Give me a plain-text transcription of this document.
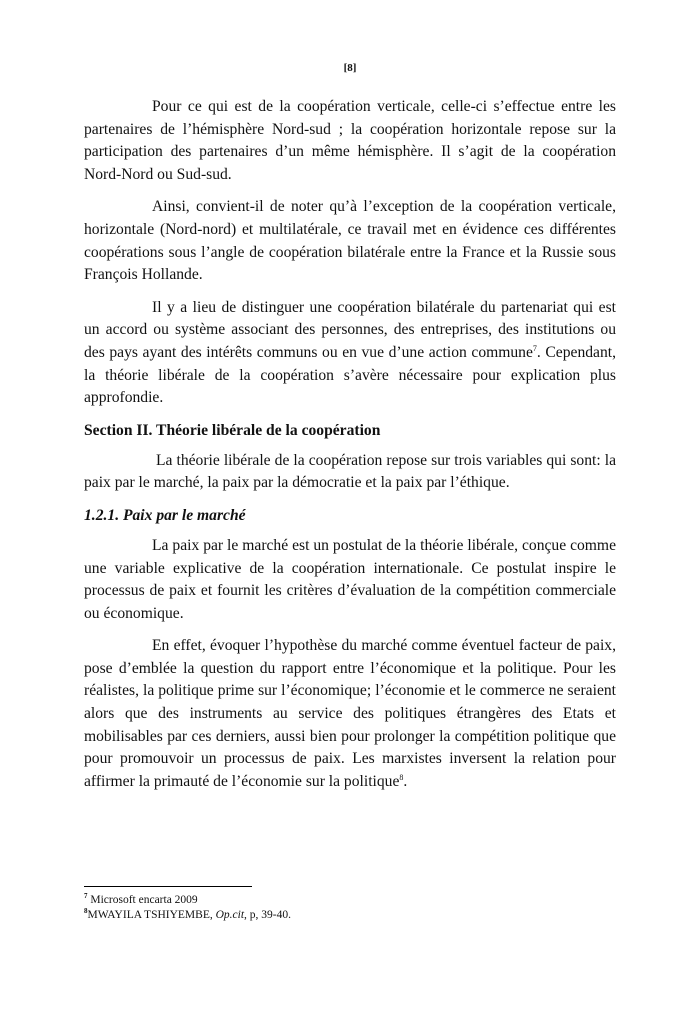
[8]

Pour ce qui est de la coopération verticale, celle-ci s’effectue entre les partenaires de l’hémisphère Nord-sud ; la coopération horizontale repose sur la participation des partenaires d’un même hémisphère. Il s’agit de la coopération Nord-Nord ou Sud-sud.

Ainsi, convient-il de noter qu’à l’exception de la coopération verticale, horizontale (Nord-nord) et multilatérale, ce travail met en évidence ces différentes coopérations sous l’angle de coopération bilatérale entre la France et la Russie sous François Hollande.

Il y a lieu de distinguer une coopération bilatérale du partenariat qui est un accord ou système associant des personnes, des entreprises, des institutions ou des pays ayant des intérêts communs ou en vue d’une action commune$^7$. Cependant, la théorie libérale de la coopération s’avère nécessaire pour explication plus approfondie.

Section II. Théorie libérale de la coopération

La théorie libérale de la coopération repose sur trois variables qui sont: la paix par le marché, la paix par la démocratie et la paix par l’éthique.

1.2.1. Paix par le marché

La paix par le marché est un postulat de la théorie libérale, conçue comme une variable explicative de la coopération internationale. Ce postulat inspire le processus de paix et fournit les critères d’évaluation de la compétition commerciale ou économique.

En effet, évoquer l’hypothèse du marché comme éventuel facteur de paix, pose d’emblée la question du rapport entre l’économique et la politique. Pour les réalistes, la politique prime sur l’économique; l’économie et le commerce ne seraient alors que des instruments au service des politiques étrangères des Etats et mobilisables par ces derniers, aussi bien pour prolonger la compétition politique que pour promouvoir un processus de paix. Les marxistes inversent la relation pour affirmer la primauté de l’économie sur la politique$^8$.

$^7$ Microsoft encarta 2009
$^8$MWAYILA TSHIYEMBE, Op.cit, p, 39-40.
